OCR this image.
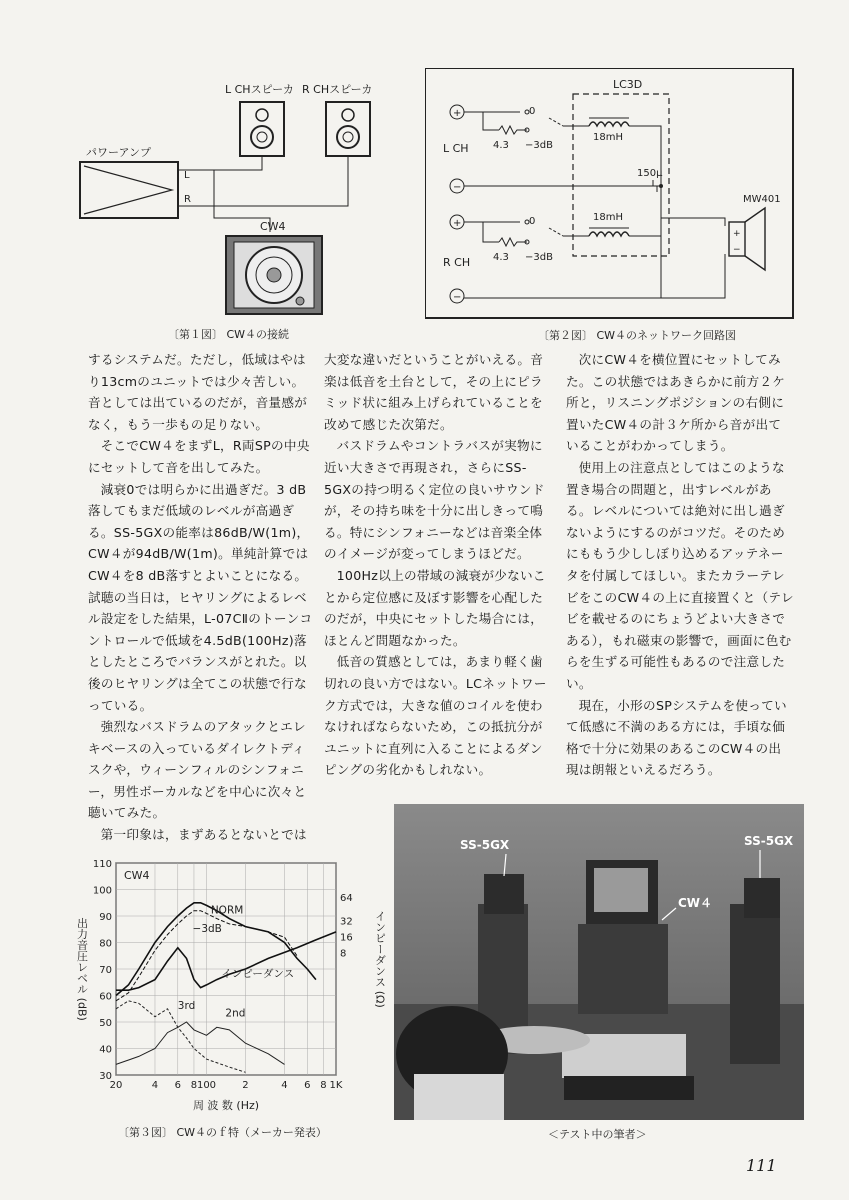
L CHスピーカ R CHスピーカ
パワーアンプ
L
R
CW4
〔第１図〕 CW４の接続
LC3D
+
−
L CH
0
4.3 −3dB
18mH
150μ
+
−
R CH
0
4.3 −3dB
18mH
MW401
+
−
〔第２図〕 CW４のネットワーク回路図

するシステムだ。ただし，低域はやはり13cmのユニットでは少々苦しい。音としては出ているのだが，音量感がなく，もう一歩もの足りない。

そこでCW４をまずL，R両SPの中央にセットして音を出してみた。

減衰0では明らかに出過ぎだ。3 dB落してもまだ低域のレベルが高過ぎる。SS-5GXの能率は86dB/W(1m)，CW４が94dB/W(1m)。単純計算ではCW４を8 dB落すとよいことになる。試聴の当日は，ヒヤリングによるレベル設定をした結果，L-07CⅡのトーンコントロールで低域を4.5dB(100Hz)落としたところでバランスがとれた。以後のヒヤリングは全てこの状態で行なっている。

強烈なバスドラムのアタックとエレキベースの入っているダイレクトディスクや，ウィーンフィルのシンフォニー，男性ボーカルなどを中心に次々と聴いてみた。

第一印象は，まずあるとないとでは

大変な違いだということがいえる。音楽は低音を土台として，その上にピラミッド状に組み上げられていることを改めて感じた次第だ。

バスドラムやコントラバスが実物に近い大きさで再現され，さらにSS-5GXの持つ明るく定位の良いサウンドが，その持ち味を十分に出しきって鳴る。特にシンフォニーなどは音楽全体のイメージが変ってしまうほどだ。

100Hz以上の帯域の減衰が少ないことから定位感に及ぼす影響を心配したのだが，中央にセットした場合には，ほとんど問題なかった。

低音の質感としては，あまり軽く歯切れの良い方ではない。LCネットワーク方式では，大きな値のコイルを使わなければならないため，この抵抗分がユニットに直列に入ることによるダンピングの劣化かもしれない。

次にCW４を横位置にセットしてみた。この状態ではあきらかに前方２ケ所と，リスニングポジションの右側に置いたCW４の計３ケ所から音が出ていることがわかってしまう。

使用上の注意点としてはこのような置き場合の問題と，出すレベルがある。レベルについては絶対に出し過ぎないようにするのがコツだ。そのためにももう少ししぼり込めるアッテネータを付属してほしい。またカラーテレビをこのCW４の上に直接置くと（テレビを載せるのにちょうどよい大きさである），もれ磁束の影響で，画面に色むらを生ずる可能性もあるので注意したい。

現在，小形のSPシステムを使っていて低感に不満のある方には，手頃な価格で十分に効果のあるこのCW４の出現は朗報といえるだろう。

30
40
50
60
70
80
90
100
110
20	4 6 8 100	2	4 6 8 1K
64
32
16
8
NORM
−3dB
インピーダンス
3rd
2nd
CW4
周 波 数 (Hz)
出力音圧レベル (dB)	インピーダンス (Ω)
〔第３図〕 CW４のｆ特（メーカー発表）
SS-5GX	SS-5GX
CW４
＜テスト中の筆者＞
111
